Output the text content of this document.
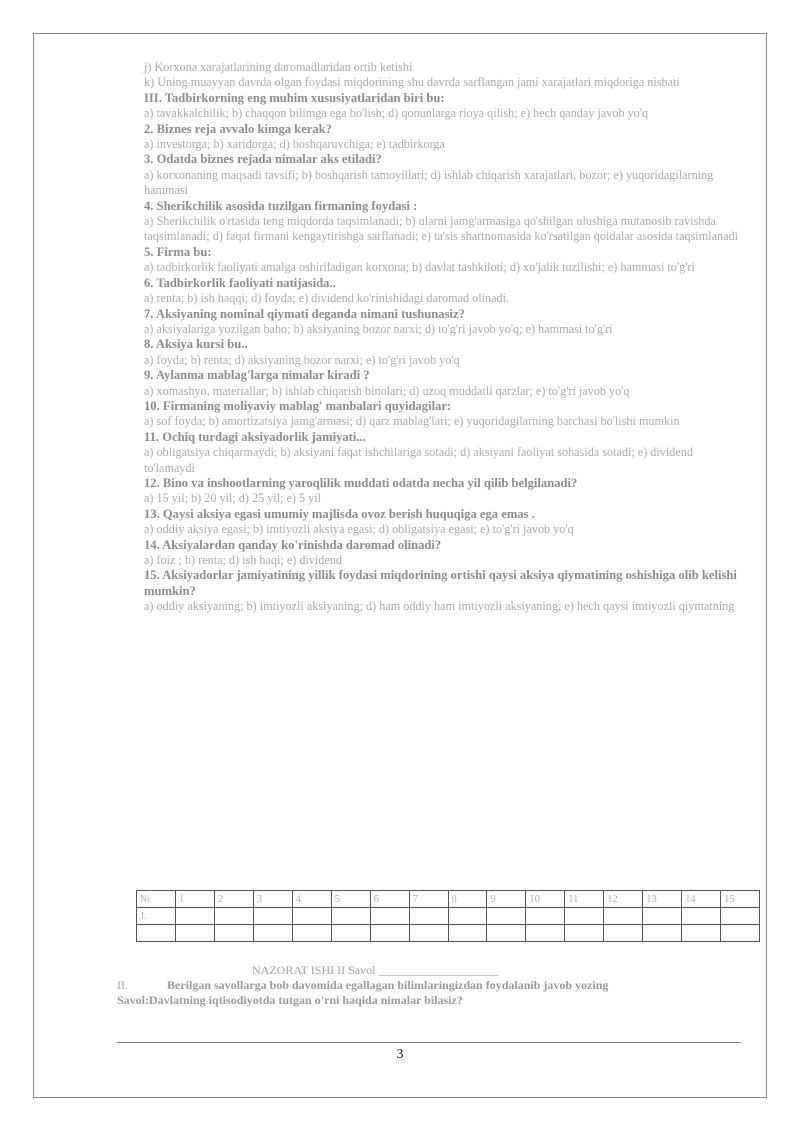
j) Korxona xarajatlarining daromadlaridan ortib ketishi
k) Uning muayyan davrda olgan foydasi miqdorining shu davrda sarflangan jami xarajatlari miqdoriga nisbati
III. Tadbirkorning eng muhim xususiyatlaridan biri bu:
a) tavakkalchilik; b) chaqqon bilimga ega bo'lish; d) qonunlarga rioya qilish; e) hech qanday javob yo'q
2. Biznes reja avvalo kimga kerak?
a) investorga; b) xaridorga; d) boshqaruvchiga; e) tadbirkorga
3. Odatda biznes rejada nimalar aks etiladi?
a) korxonaning maqsadi tavsifi; b) boshqarish tamoyillari; d) ishlab chiqarish xarajatlari, bozor; e) yuqoridagilarning hammasi
4. Sherikchilik asosida tuzilgan firmaning foydasi :
a) Sherikchilik o'rtasida teng miqdorda taqsimlanadi; b) ularni jamg'armasiga qo'shilgan ulushiga mutanosib ravishda taqsimlanadi; d) faqat firmani kengaytirishga sarflanadi; e) ta'sis shartnomasida ko'rsatilgan qoidalar asosida taqsimlanadi
5. Firma bu:
a) tadbirkorlik faoliyati amalga oshiriladigan korxona; b) davlat tashkiloti; d) xo'jalik tuzilishi; e) hammasi to'g'ri
6. Tadbirkorlik faoliyati natijasida..
a) renta; b) ish haqqi; d) foyda; e) dividend ko'rinishidagi daromad olinadi.
7. Aksiyaning nominal qiymati deganda nimani tushunasiz?
a) aksiyalariga yozilgan baho; b) aksiyaning bozor narxi; d) to'g'ri javob yo'q; e) hammasi to'g'ri
8. Aksiya kursi bu..
a) foyda; b) renta; d) aksiyaning bozor narxi; e) to'g'ri javob yo'q
9. Aylanma mablag'larga nimalar kiradi ?
a) xomashyo, materiallar; b) ishlab chiqarish binolari; d) uzoq muddatli qarzlar; e) to'g'ri javob yo'q
10. Firmaning moliyaviy mablag' manbalari quyidagilar:
a) sof foyda; b) amortizatsiya jamg'armasi; d) qarz mablag'lari; e) yuqoridagilarning barchasi bo'lishi mumkin
11. Ochiq turdagi aksiyadorlik jamiyati...
a) obligatsiya chiqarmaydi; b) aksiyani faqat ishchilariga sotadi; d) aksiyani faoliyat sohasida sotadi; e) dividend to'lamaydi
12. Bino va inshootlarning yaroqlilik muddati odatda necha yil qilib belgilanadi?
a) 15 yil; b) 20 yil; d) 25 yil; e) 5 yil
13. Qaysi aksiya egasi umumiy majlisda ovoz berish huquqiga ega emas .
a) oddiy aksiya egasi; b) imtiyozli aksiya egasi; d) obligatsiya egasi; e) to'g'ri javob yo'q
14. Aksiyalardan qanday ko'rinishda daromad olinadi?
a) foiz ; b) renta; d) ish haqi; e) dividend
15. Aksiyadorlar jamiyatining yillik foydasi miqdorining ortishi qaysi aksiya qiymatining oshishiga olib kelishi mumkin?
a) oddiy aksiyaning; b) imtiyozli aksiyaning; d) ham oddiy ham imtiyozli aksiyaning; e) hech qaysi imtiyozli qiymatning
№	1	2	3	4	5	6	7	8	9	10	11	12	13	14	15
J.															

NAZORAT ISHI II Savol ____________________
II.	Berilgan savollarga bob davomida egallagan bilimlaringizdan foydalanib javob yozing
Savol:Davlatning iqtisodiyotda tutgan o'rni haqida nimalar bilasiz?
3
